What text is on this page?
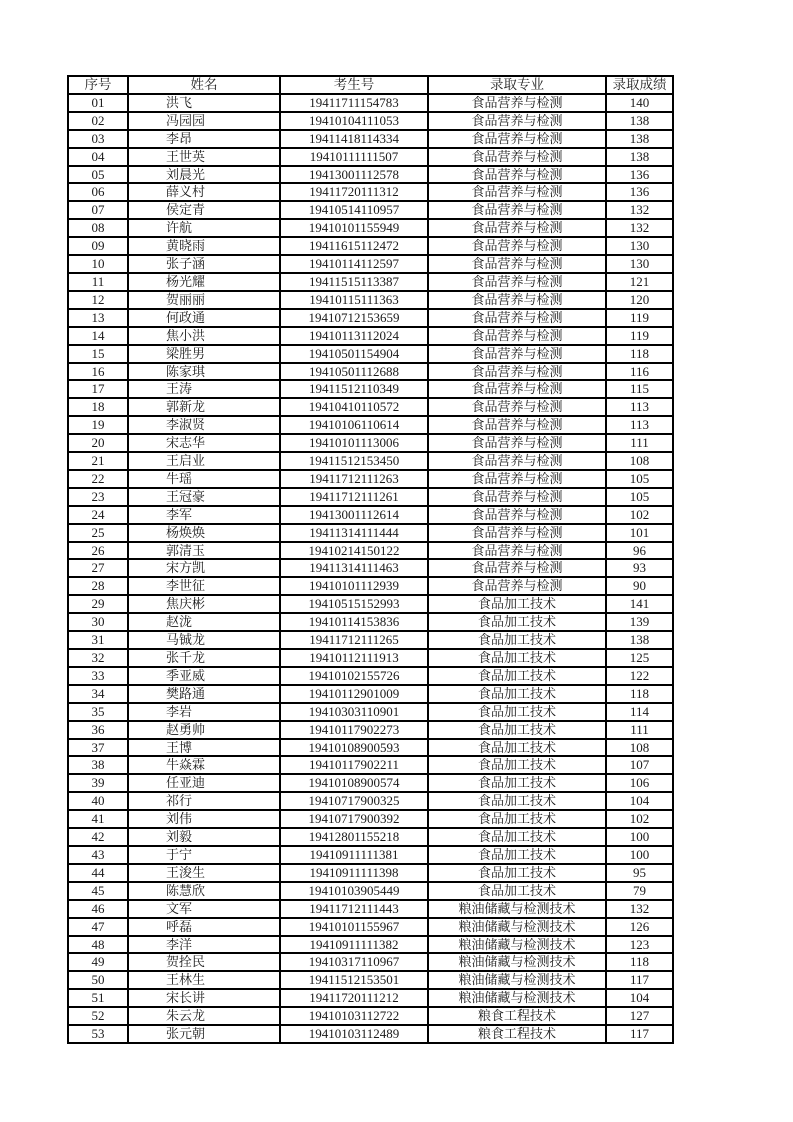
序号	姓名	考生号	录取专业	录取成绩
01	洪飞	19411711154783	食品营养与检测	140
02	冯园园	19410104111053	食品营养与检测	138
03	李昂	19411418114334	食品营养与检测	138
04	王世英	19410111111507	食品营养与检测	138
05	刘晨光	19413001112578	食品营养与检测	136
06	薛义村	19411720111312	食品营养与检测	136
07	侯定青	19410514110957	食品营养与检测	132
08	许航	19410101155949	食品营养与检测	132
09	黄晓雨	19411615112472	食品营养与检测	130
10	张子涵	19410114112597	食品营养与检测	130
11	杨光耀	19411515113387	食品营养与检测	121
12	贺丽丽	19410115111363	食品营养与检测	120
13	何政通	19410712153659	食品营养与检测	119
14	焦小洪	19410113112024	食品营养与检测	119
15	梁胜男	19410501154904	食品营养与检测	118
16	陈家琪	19410501112688	食品营养与检测	116
17	王涛	19411512110349	食品营养与检测	115
18	郭新龙	19410410110572	食品营养与检测	113
19	李淑贤	19410106110614	食品营养与检测	113
20	宋志华	19410101113006	食品营养与检测	111
21	王启业	19411512153450	食品营养与检测	108
22	牛瑶	19411712111263	食品营养与检测	105
23	王冠豪	19411712111261	食品营养与检测	105
24	李军	19413001112614	食品营养与检测	102
25	杨焕焕	19411314111444	食品营养与检测	101
26	郭清玉	19410214150122	食品营养与检测	96
27	宋方凯	19411314111463	食品营养与检测	93
28	李世征	19410101112939	食品营养与检测	90
29	焦庆彬	19410515152993	食品加工技术	141
30	赵泷	19410114153836	食品加工技术	139
31	马铖龙	19411712111265	食品加工技术	138
32	张千龙	19410112111913	食品加工技术	125
33	季亚威	19410102155726	食品加工技术	122
34	樊路通	19410112901009	食品加工技术	118
35	李岩	19410303110901	食品加工技术	114
36	赵勇帅	19410117902273	食品加工技术	111
37	王博	19410108900593	食品加工技术	108
38	牛焱霖	19410117902211	食品加工技术	107
39	任亚迪	19410108900574	食品加工技术	106
40	祁行	19410717900325	食品加工技术	104
41	刘伟	19410717900392	食品加工技术	102
42	刘毅	19412801155218	食品加工技术	100
43	于宁	19410911111381	食品加工技术	100
44	王浚生	19410911111398	食品加工技术	95
45	陈慧欣	19410103905449	食品加工技术	79
46	文军	19411712111443	粮油储藏与检测技术	132
47	呼磊	19410101155967	粮油储藏与检测技术	126
48	李洋	19410911111382	粮油储藏与检测技术	123
49	贺拴民	19410317110967	粮油储藏与检测技术	118
50	王林生	19411512153501	粮油储藏与检测技术	117
51	宋长讲	19411720111212	粮油储藏与检测技术	104
52	朱云龙	19410103112722	粮食工程技术	127
53	张元朝	19410103112489	粮食工程技术	117
